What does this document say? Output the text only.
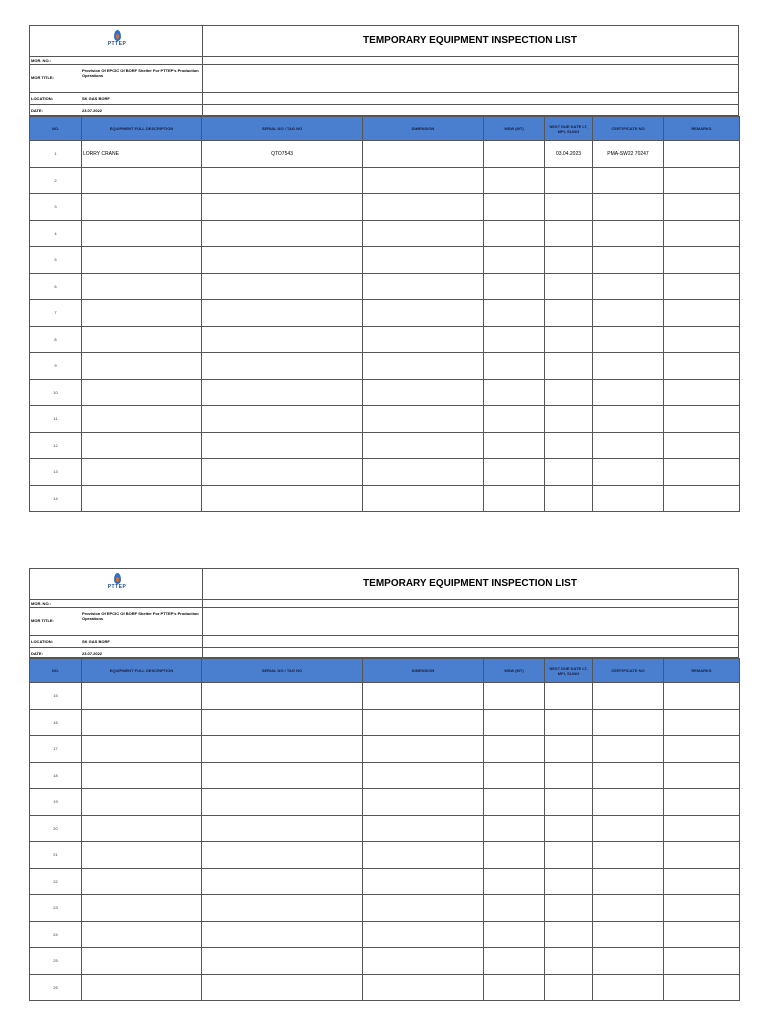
PTTEP	TEMPORARY EQUIPMENT INSPECTION LIST
MOR. NO.:
MOR TITLE:
Provision Of EPCIC Of BORF Shelter For PTTEP's Production Operations
LOCATION:	SK GAS BORF
DATE:	23.07.2022
NO.	EQUIPMENT FULL DESCRIPTION	SERIAL NO / TAG NO	DIMENSION	MSW (MT)	NEXT DUE DATE LT, MPI, SLING	CERTIFICATE NO	REMARKS
1	LORRY CRANE	QTO7543			03.04.2023	PMA-SW22 70247	
2							
3							
4							
5							
6							
7							
8							
9							
10							
11							
12							
13							
14							
PTTEP	TEMPORARY EQUIPMENT INSPECTION LIST
MOR. NO.:
MOR TITLE:
Provision Of EPCIC Of BORF Shelter For PTTEP's Production Operations
LOCATION:	SK GAS BORF
DATE:	23.07.2022
NO.	EQUIPMENT FULL DESCRIPTION	SERIAL NO / TAG NO	DIMENSION	MSW (MT)	NEXT DUE DATE LT, MPI, SLING	CERTIFICATE NO	REMARKS
15							
16							
17							
18							
19							
20							
21							
22							
23							
24							
25							
26							
